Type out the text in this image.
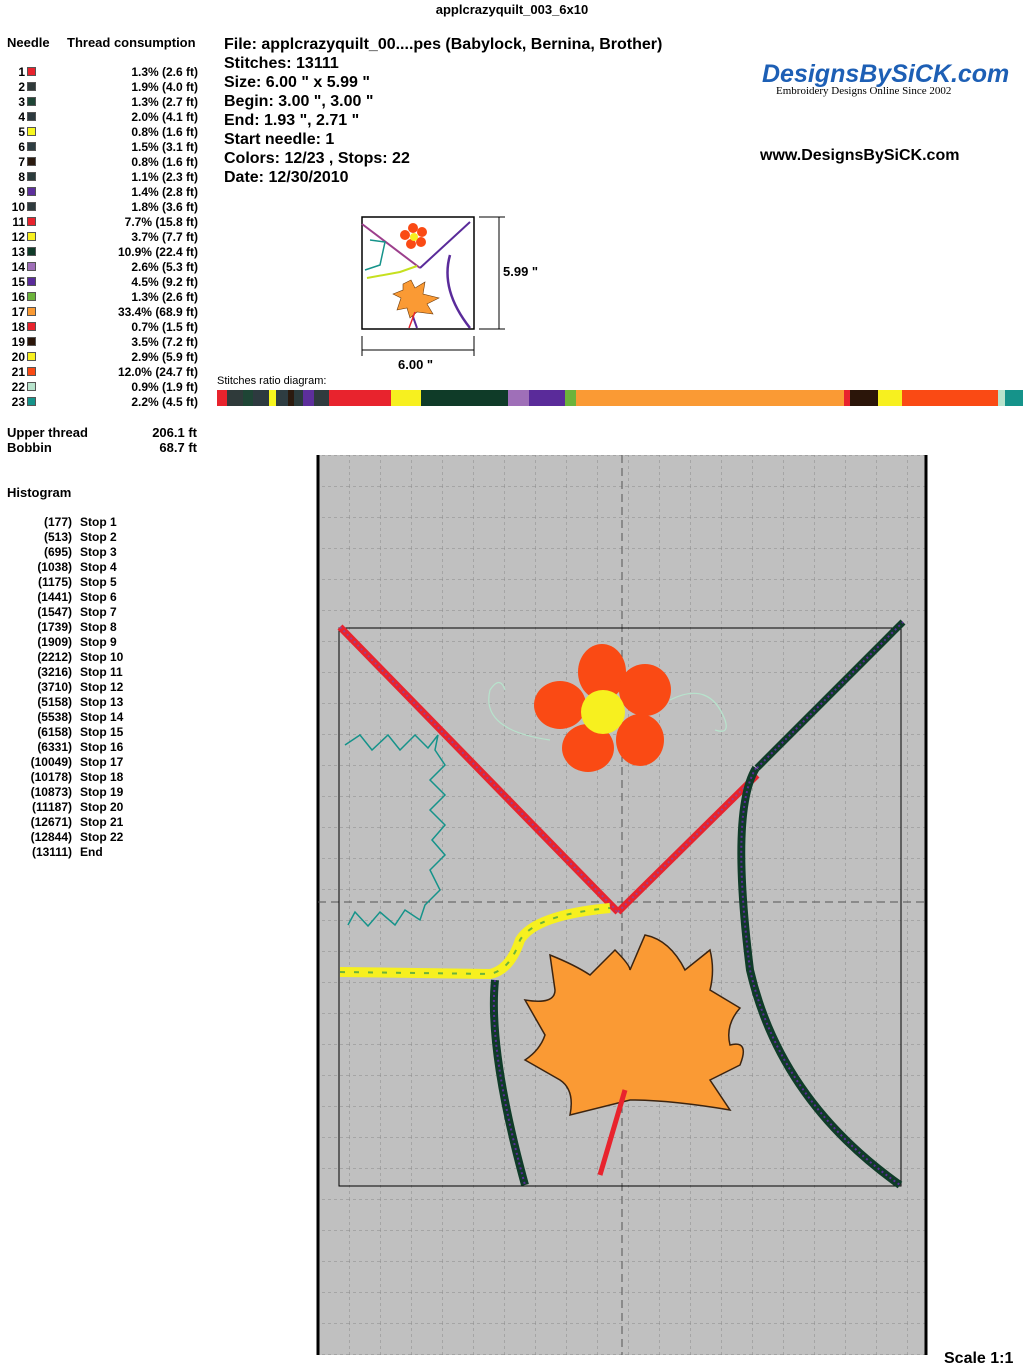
applcrazyquilt_003_6x10
Needle Thread consumption
1	1.3% (2.6 ft)
2	1.9% (4.0 ft)
3	1.3% (2.7 ft)
4	2.0% (4.1 ft)
5	0.8% (1.6 ft)
6	1.5% (3.1 ft)
7	0.8% (1.6 ft)
8	1.1% (2.3 ft)
9	1.4% (2.8 ft)
10	1.8% (3.6 ft)
11	7.7% (15.8 ft)
12	3.7% (7.7 ft)
13	10.9% (22.4 ft)
14	2.6% (5.3 ft)
15	4.5% (9.2 ft)
16	1.3% (2.6 ft)
17	33.4% (68.9 ft)
18	0.7% (1.5 ft)
19	3.5% (7.2 ft)
20	2.9% (5.9 ft)
21	12.0% (24.7 ft)
22	0.9% (1.9 ft)
23	2.2% (4.5 ft)
Upper thread	206.1 ft
Bobbin	68.7 ft
Histogram
(177) Stop 1
(513) Stop 2
(695) Stop 3
(1038) Stop 4
(1175) Stop 5
(1441) Stop 6
(1547) Stop 7
(1739) Stop 8
(1909) Stop 9
(2212) Stop 10
(3216) Stop 11
(3710) Stop 12
(5158) Stop 13
(5538) Stop 14
(6158) Stop 15
(6331) Stop 16
(10049) Stop 17
(10178) Stop 18
(10873) Stop 19
(11187) Stop 20
(12671) Stop 21
(12844) Stop 22
(13111) End
File: applcrazyquilt_00....pes (Babylock, Bernina, Brother)
Stitches: 13111
Size: 6.00 " x 5.99 "
Begin: 3.00 ", 3.00 "
End: 1.93 ", 2.71 "
Start needle: 1
Colors: 12/23 , Stops: 22
Date: 12/30/2010
DesignsBySiCK.com
Embroidery Designs Online Since 2002
www.DesignsBySiCK.com
6.00 "
5.99 "
Stitches ratio diagram:
Scale 1:1
